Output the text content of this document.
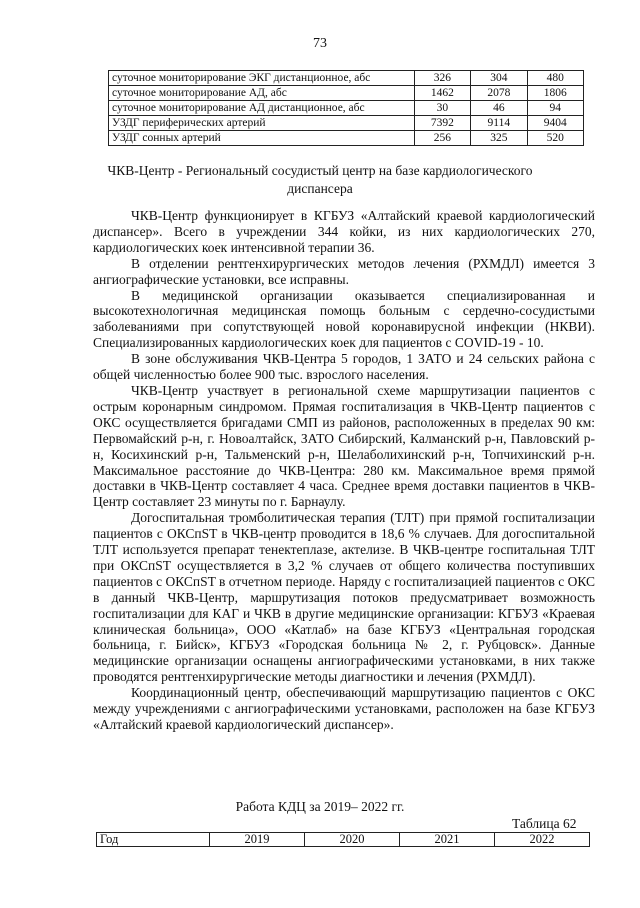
73
суточное мониторирование ЭКГ дистанционное, абс	326	304	480
суточное мониторирование АД, абс	1462	2078	1806
суточное мониторирование АД дистанционное, абс	30	46	94
УЗДГ периферических артерий	7392	9114	9404
УЗДГ сонных артерий	256	325	520
ЧКВ-Центр - Региональный сосудистый центр на базе кардиологического диспансера

ЧКВ-Центр функционирует в КГБУЗ «Алтайский краевой кардиологический диспансер». Всего в учреждении 344 койки, из них кардиологических 270, кардиологических коек интенсивной терапии 36.

В отделении рентгенхирургических методов лечения (РХМДЛ) имеется 3 ангиографические установки, все исправны.

В медицинской организации оказывается специализированная и высокотехнологичная медицинская помощь больным с сердечно-сосудистыми заболеваниями при сопутствующей новой коронавирусной инфекции (НКВИ). Специализированных кардиологических коек для пациентов с COVID-19 - 10.

В зоне обслуживания ЧКВ-Центра 5 городов, 1 ЗАТО и 24 сельских района с общей численностью более 900 тыс. взрослого населения.

ЧКВ-Центр участвует в региональной схеме маршрутизации пациентов с острым коронарным синдромом. Прямая госпитализация в ЧКВ-Центр пациентов с ОКС осуществляется бригадами СМП из районов, расположенных в пределах 90 км: Первомайский р-н, г. Новоалтайск, ЗАТО Сибирский, Калманский р-н, Павловский р-н, Косихинский р-н, Тальменский р-н, Шелаболихинский р-н, Топчихинский р-н. Максимальное расстояние до ЧКВ-Центра: 280 км. Максимальное время прямой доставки в ЧКВ-Центр составляет 4 часа. Среднее время доставки пациентов в ЧКВ-Центр составляет 23 минуты по г. Барнаулу.

Догоспитальная тромболитическая терапия (ТЛТ) при прямой госпитализации пациентов с ОКСпST в ЧКВ-центр проводится в 18,6 % случаев. Для догоспитальной ТЛТ используется препарат тенектеплазе, актелизе. В ЧКВ-центре госпитальная ТЛТ при ОКСпST осуществляется в 3,2 % случаев от общего количества поступивших пациентов с ОКСпST в отчетном периоде. Наряду с госпитализацией пациентов с ОКС в данный ЧКВ-Центр, маршрутизация потоков предусматривает возможность госпитализации для КАГ и ЧКВ в другие медицинские организации: КГБУЗ «Краевая клиническая больница», ООО «Катлаб» на базе КГБУЗ «Центральная городская больница, г. Бийск», КГБУЗ «Городская больница № 2, г. Рубцовск». Данные медицинские организации оснащены ангиографическими установками, в них также проводятся рентгенхирургические методы диагностики и лечения (РХМДЛ).

Координационный центр, обеспечивающий маршрутизацию пациентов с ОКС между учреждениями с ангиографическими установками, расположен на базе КГБУЗ «Алтайский краевой кардиологический диспансер».

Работа КДЦ за 2019– 2022 гг.
Таблица 62
Год	2019	2020	2021	2022
